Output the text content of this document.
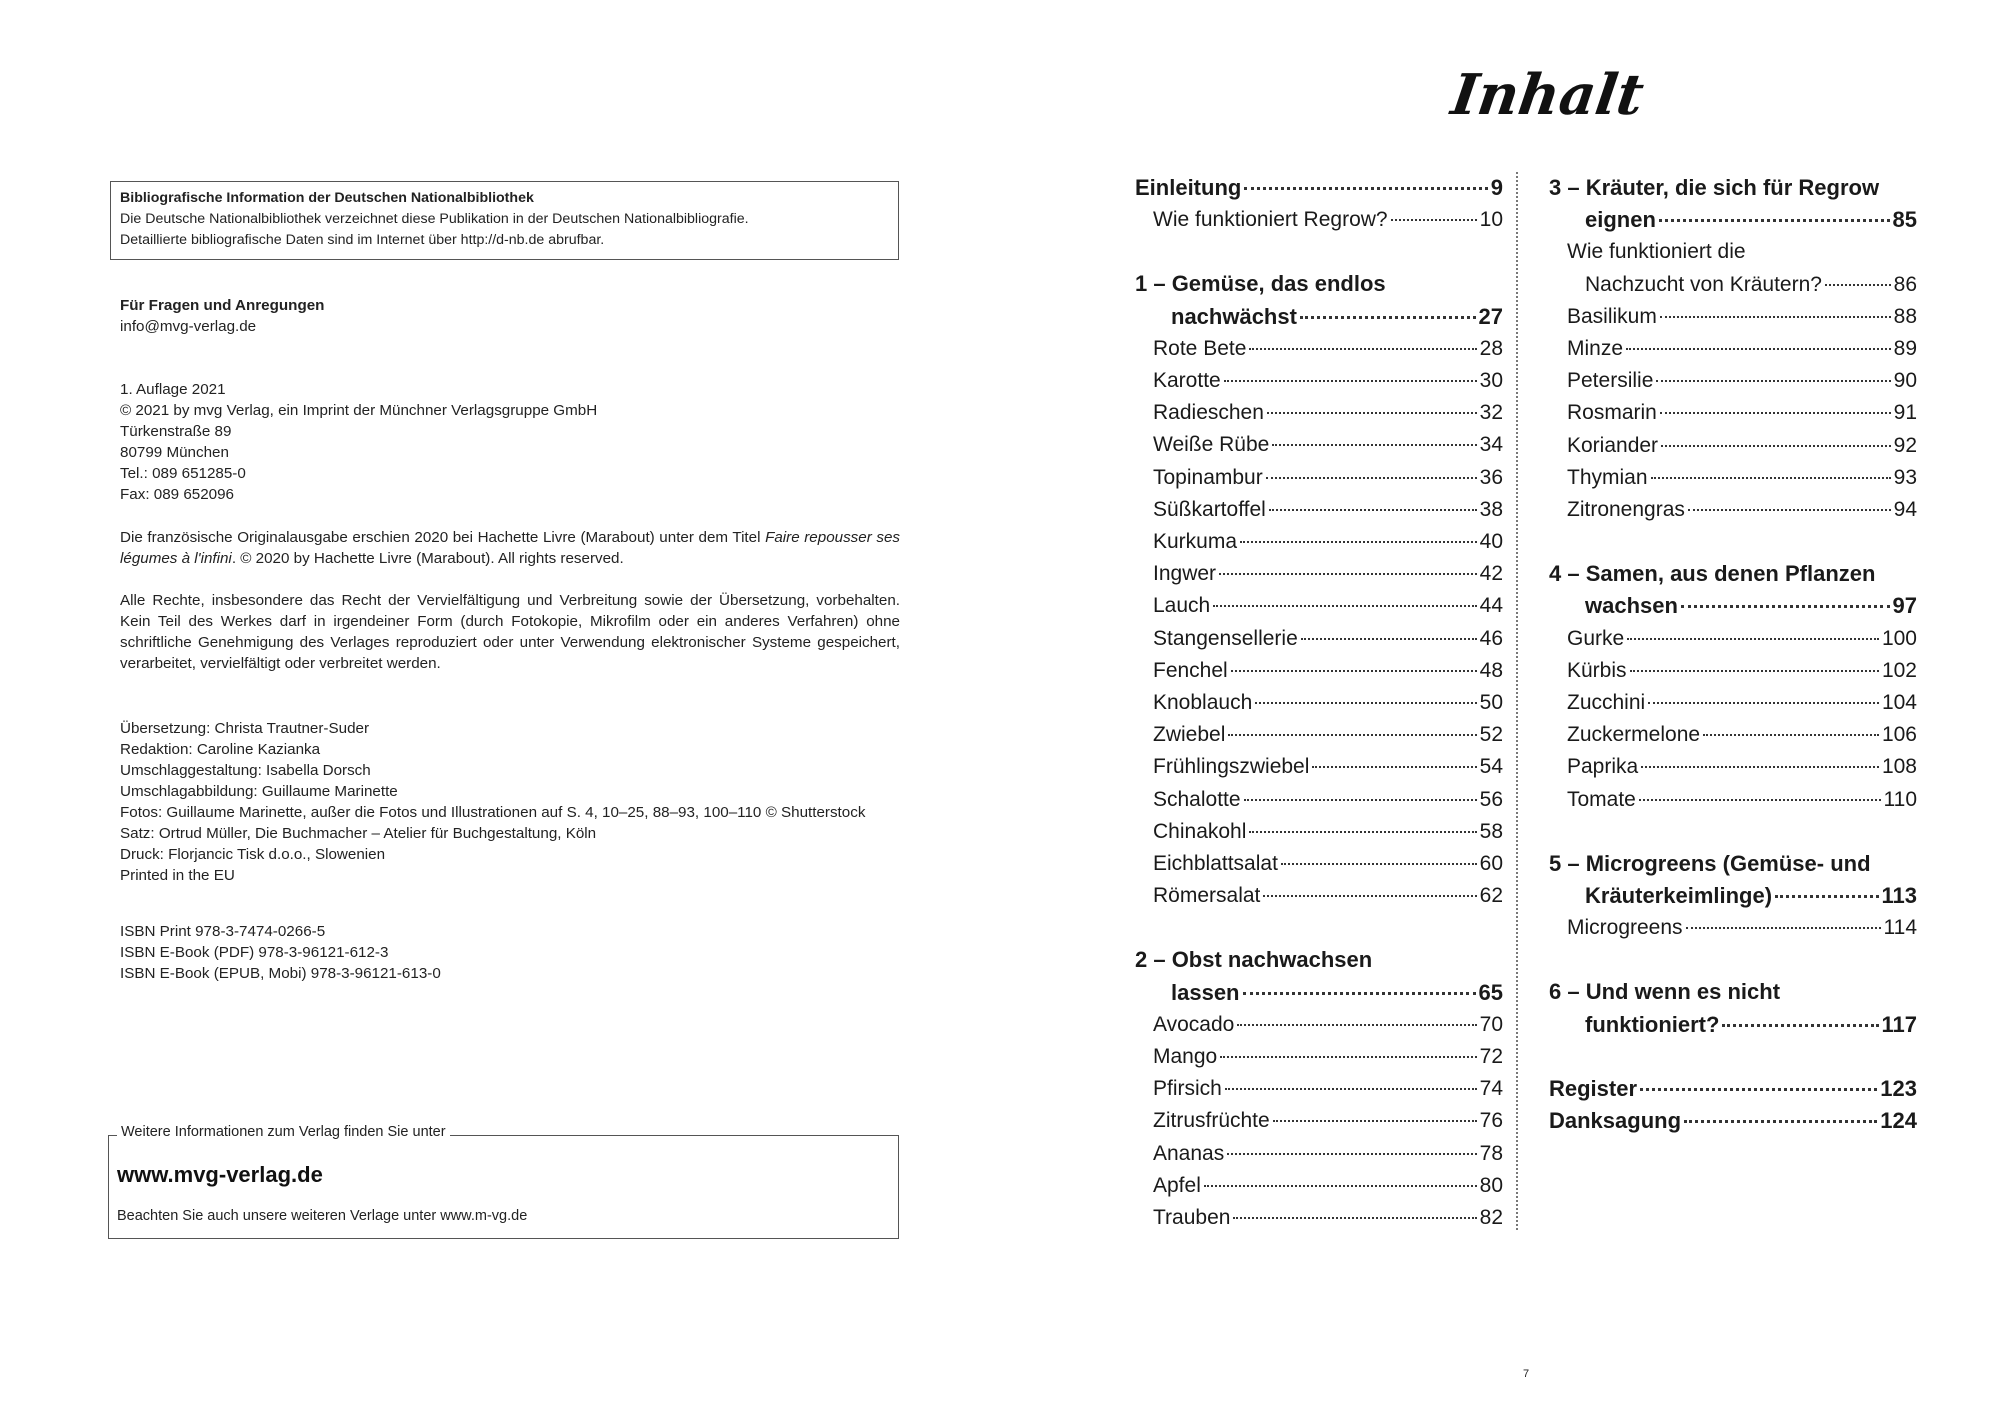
Bibliografische Information der Deutschen Nationalbibliothek
Die Deutsche Nationalbibliothek verzeichnet diese Publikation in der Deutschen Nationalbibliografie.
Detaillierte bibliografische Daten sind im Internet über http://d-nb.de abrufbar.
Für Fragen und Anregungen
info@mvg-verlag.de
1. Auflage 2021
© 2021 by mvg Verlag, ein Imprint der Münchner Verlagsgruppe GmbH
Türkenstraße 89
80799 München
Tel.: 089 651285-0
Fax: 089 652096
Die französische Originalausgabe erschien 2020 bei Hachette Livre (Marabout) unter dem Titel Faire repousser ses légumes à l'infini. © 2020 by Hachette Livre (Marabout). All rights reserved.
Alle Rechte, insbesondere das Recht der Vervielfältigung und Verbreitung sowie der Übersetzung, vorbehalten. Kein Teil des Werkes darf in irgendeiner Form (durch Fotokopie, Mikrofilm oder ein anderes Verfahren) ohne schriftliche Genehmigung des Verlages reproduziert oder unter Verwendung elektronischer Systeme gespeichert, verarbeitet, vervielfältigt oder verbreitet werden.
Übersetzung: Christa Trautner-Suder
Redaktion: Caroline Kazianka
Umschlaggestaltung: Isabella Dorsch
Umschlagabbildung: Guillaume Marinette
Fotos: Guillaume Marinette, außer die Fotos und Illustrationen auf S. 4, 10–25, 88–93, 100–110 © Shutterstock
Satz: Ortrud Müller, Die Buchmacher – Atelier für Buchgestaltung, Köln
Druck: Florjancic Tisk d.o.o., Slowenien
Printed in the EU
ISBN Print 978-3-7474-0266-5
ISBN E-Book (PDF) 978-3-96121-612-3
ISBN E-Book (EPUB, Mobi) 978-3-96121-613-0
Weitere Informationen zum Verlag finden Sie unter
www.mvg-verlag.de
Beachten Sie auch unsere weiteren Verlage unter www.m-vg.de
Inhalt
Einleitung	9
Wie funktioniert Regrow?	10
1 – Gemüse, das endlos
nachwächst	27
Rote Bete	28
Karotte	30
Radieschen	32
Weiße Rübe	34
Topinambur	36
Süßkartoffel	38
Kurkuma	40
Ingwer	42
Lauch	44
Stangensellerie	46
Fenchel	48
Knoblauch	50
Zwiebel	52
Frühlingszwiebel	54
Schalotte	56
Chinakohl	58
Eichblattsalat	60
Römersalat	62
2 – Obst nachwachsen
lassen	65
Avocado	70
Mango	72
Pfirsich	74
Zitrusfrüchte	76
Ananas	78
Apfel	80
Trauben	82
3 – Kräuter, die sich für Regrow
eignen	85
Wie funktioniert die
Nachzucht von Kräutern?	86
Basilikum	88
Minze	89
Petersilie	90
Rosmarin	91
Koriander	92
Thymian	93
Zitronengras	94
4 – Samen, aus denen Pflanzen
wachsen	97
Gurke	100
Kürbis	102
Zucchini	104
Zuckermelone	106
Paprika	108
Tomate	110
5 – Microgreens (Gemüse- und
Kräuterkeimlinge)	113
Microgreens	114
6 – Und wenn es nicht
funktioniert?	117
Register	123
Danksagung	124
7
